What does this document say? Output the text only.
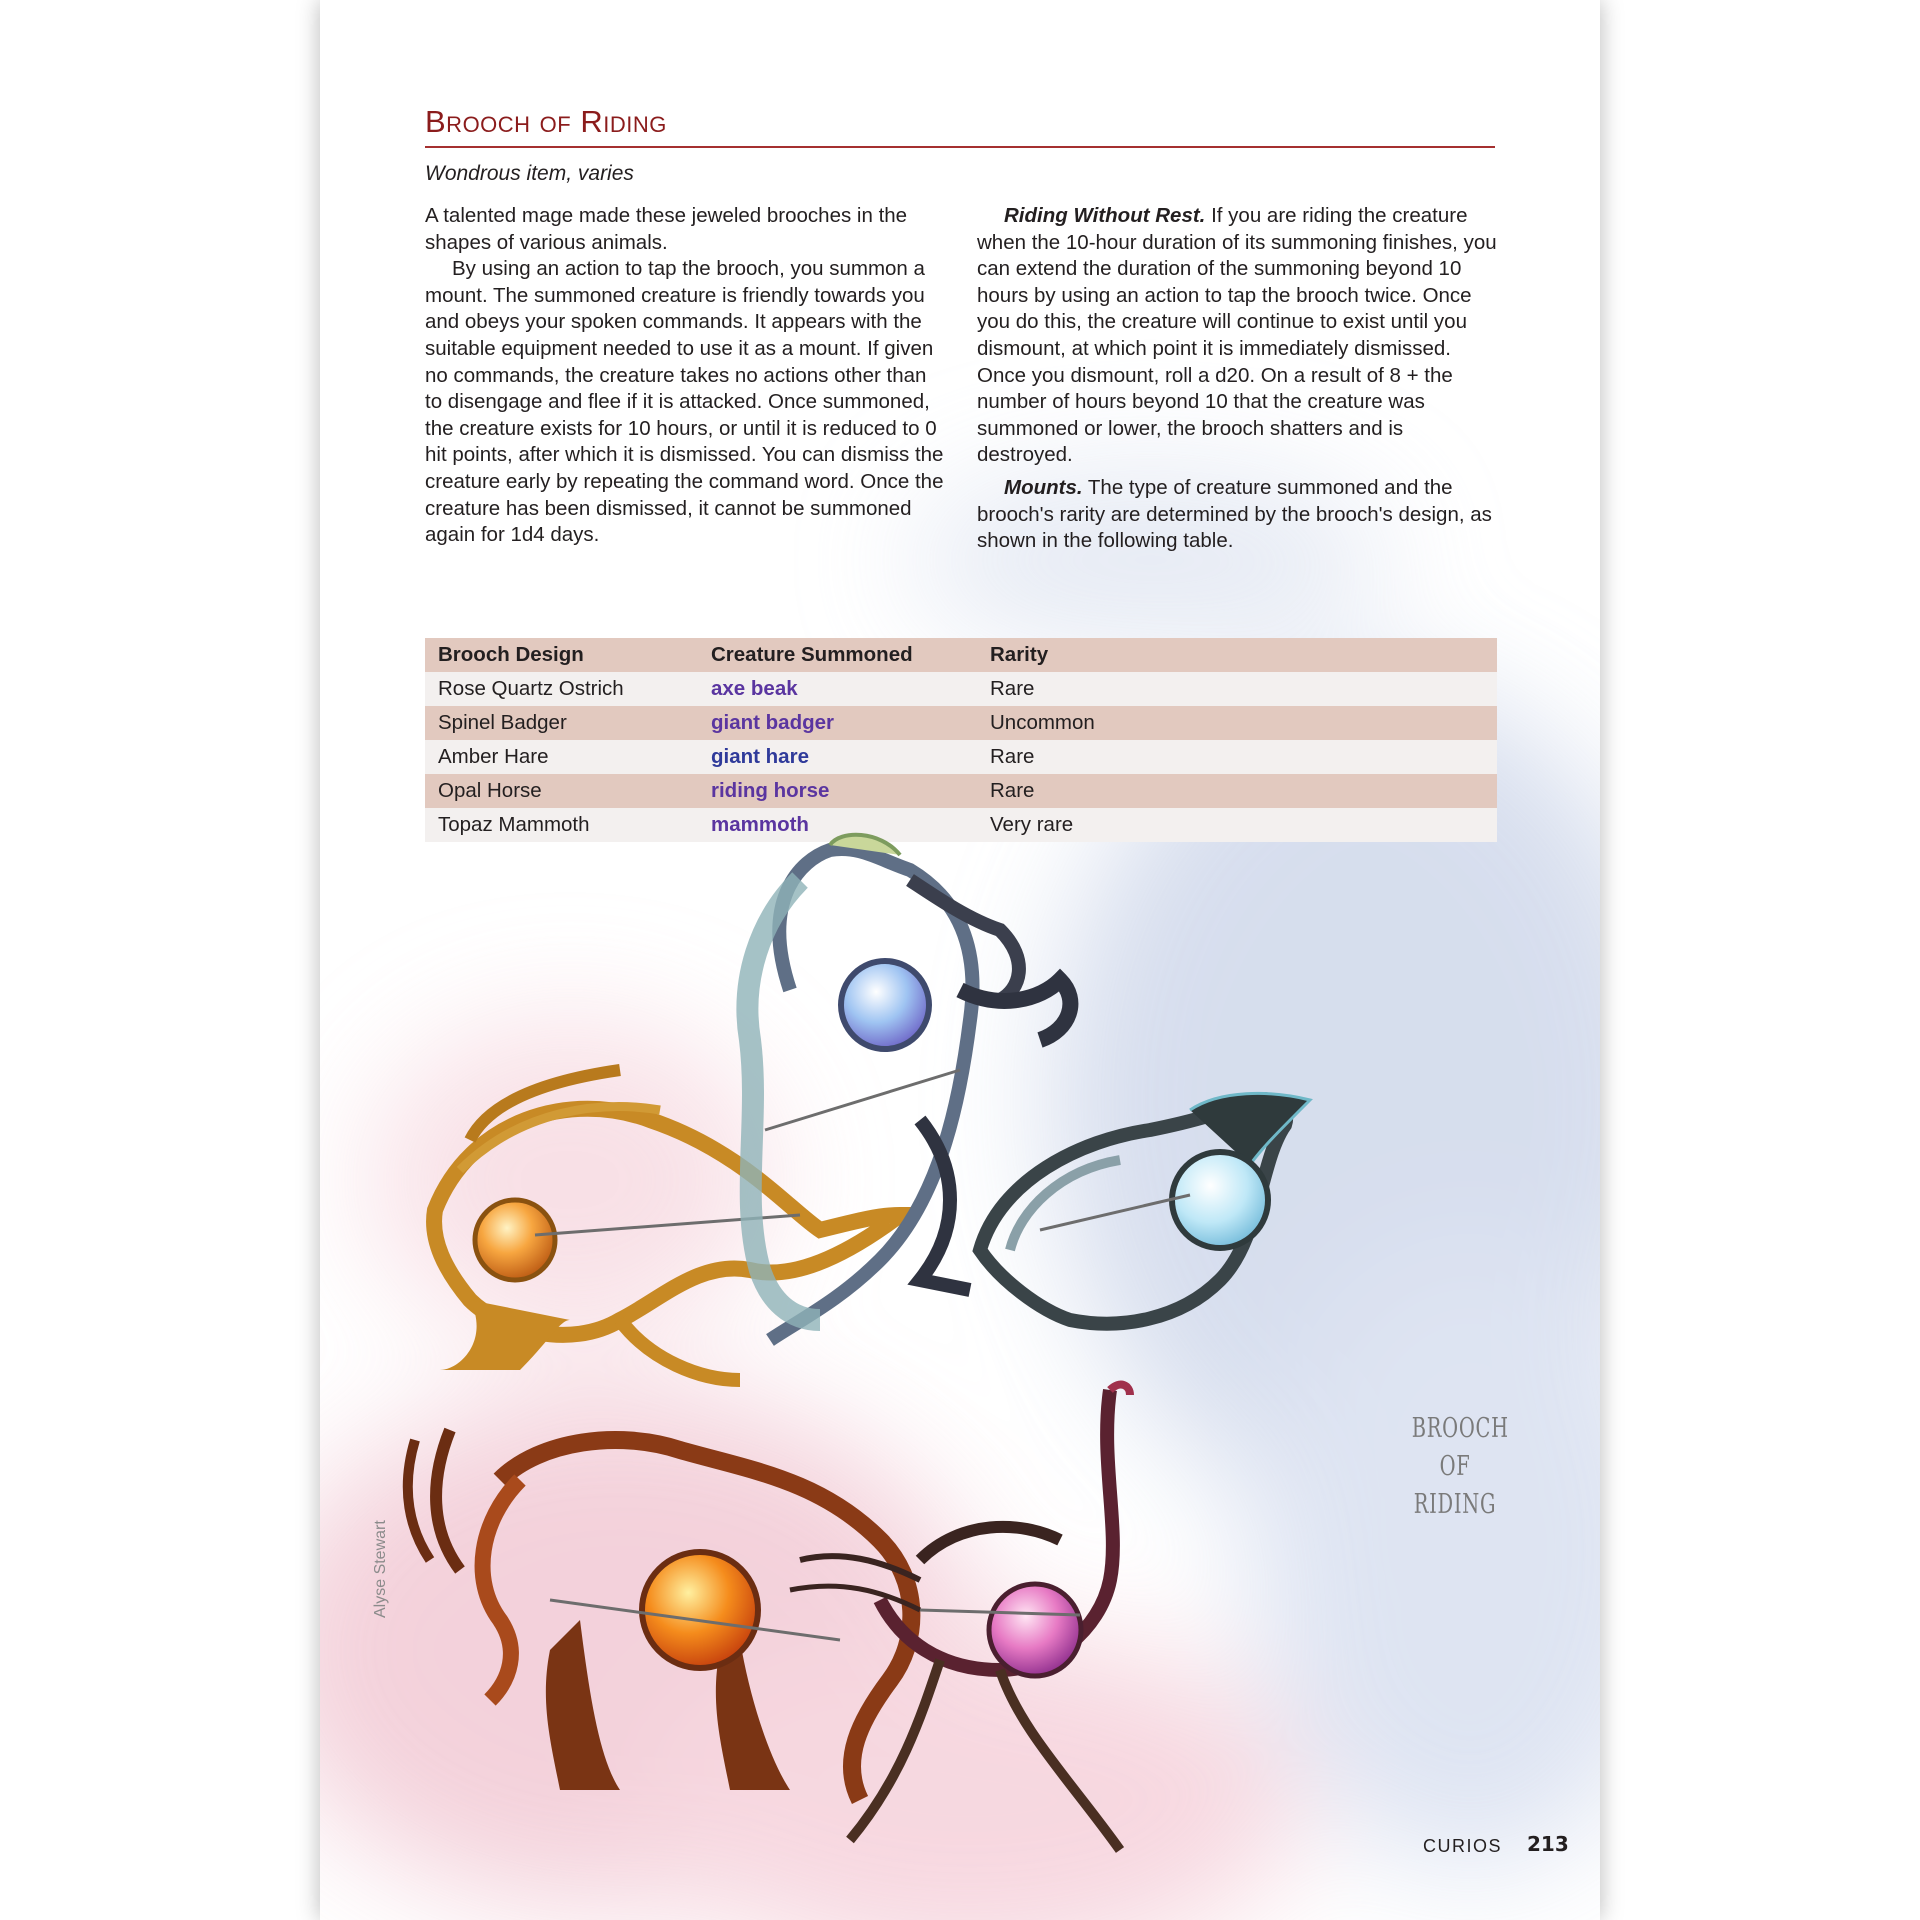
Brooch of Riding
Wondrous item, varies

A talented mage made these jeweled brooches in the shapes of various animals.

By using an action to tap the brooch, you summon a mount. The summoned creature is friendly towards you and obeys your spoken commands. It appears with the suitable equipment needed to use it as a mount. If given no commands, the creature takes no actions other than to disengage and flee if it is attacked. Once summoned, the creature exists for 10 hours, or until it is reduced to 0 hit points, after which it is dismissed. You can dismiss the creature early by repeating the command word. Once the creature has been dismissed, it cannot be summoned again for 1d4 days.

Riding Without Rest. If you are riding the creature when the 10-hour duration of its summoning finishes, you can extend the duration of the summoning beyond 10 hours by using an action to tap the brooch twice. Once you do this, the creature will continue to exist until you dismount, at which point it is immediately dismissed. Once you dismount, roll a d20. On a result of 8 + the number of hours beyond 10 that the creature was summoned or lower, the brooch shatters and is destroyed.

Mounts. The type of creature summoned and the brooch's rarity are determined by the brooch's design, as shown in the following table.

Brooch Design	Creature Summoned	Rarity
Rose Quartz Ostrich	axe beak	Rare
Spinel Badger	giant badger	Uncommon
Amber Hare	giant hare	Rare
Opal Horse	riding horse	Rare
Topaz Mammoth	mammoth	Very rare
BROOCH OF RIDING
Alyse Stewart
CURIOS 213
